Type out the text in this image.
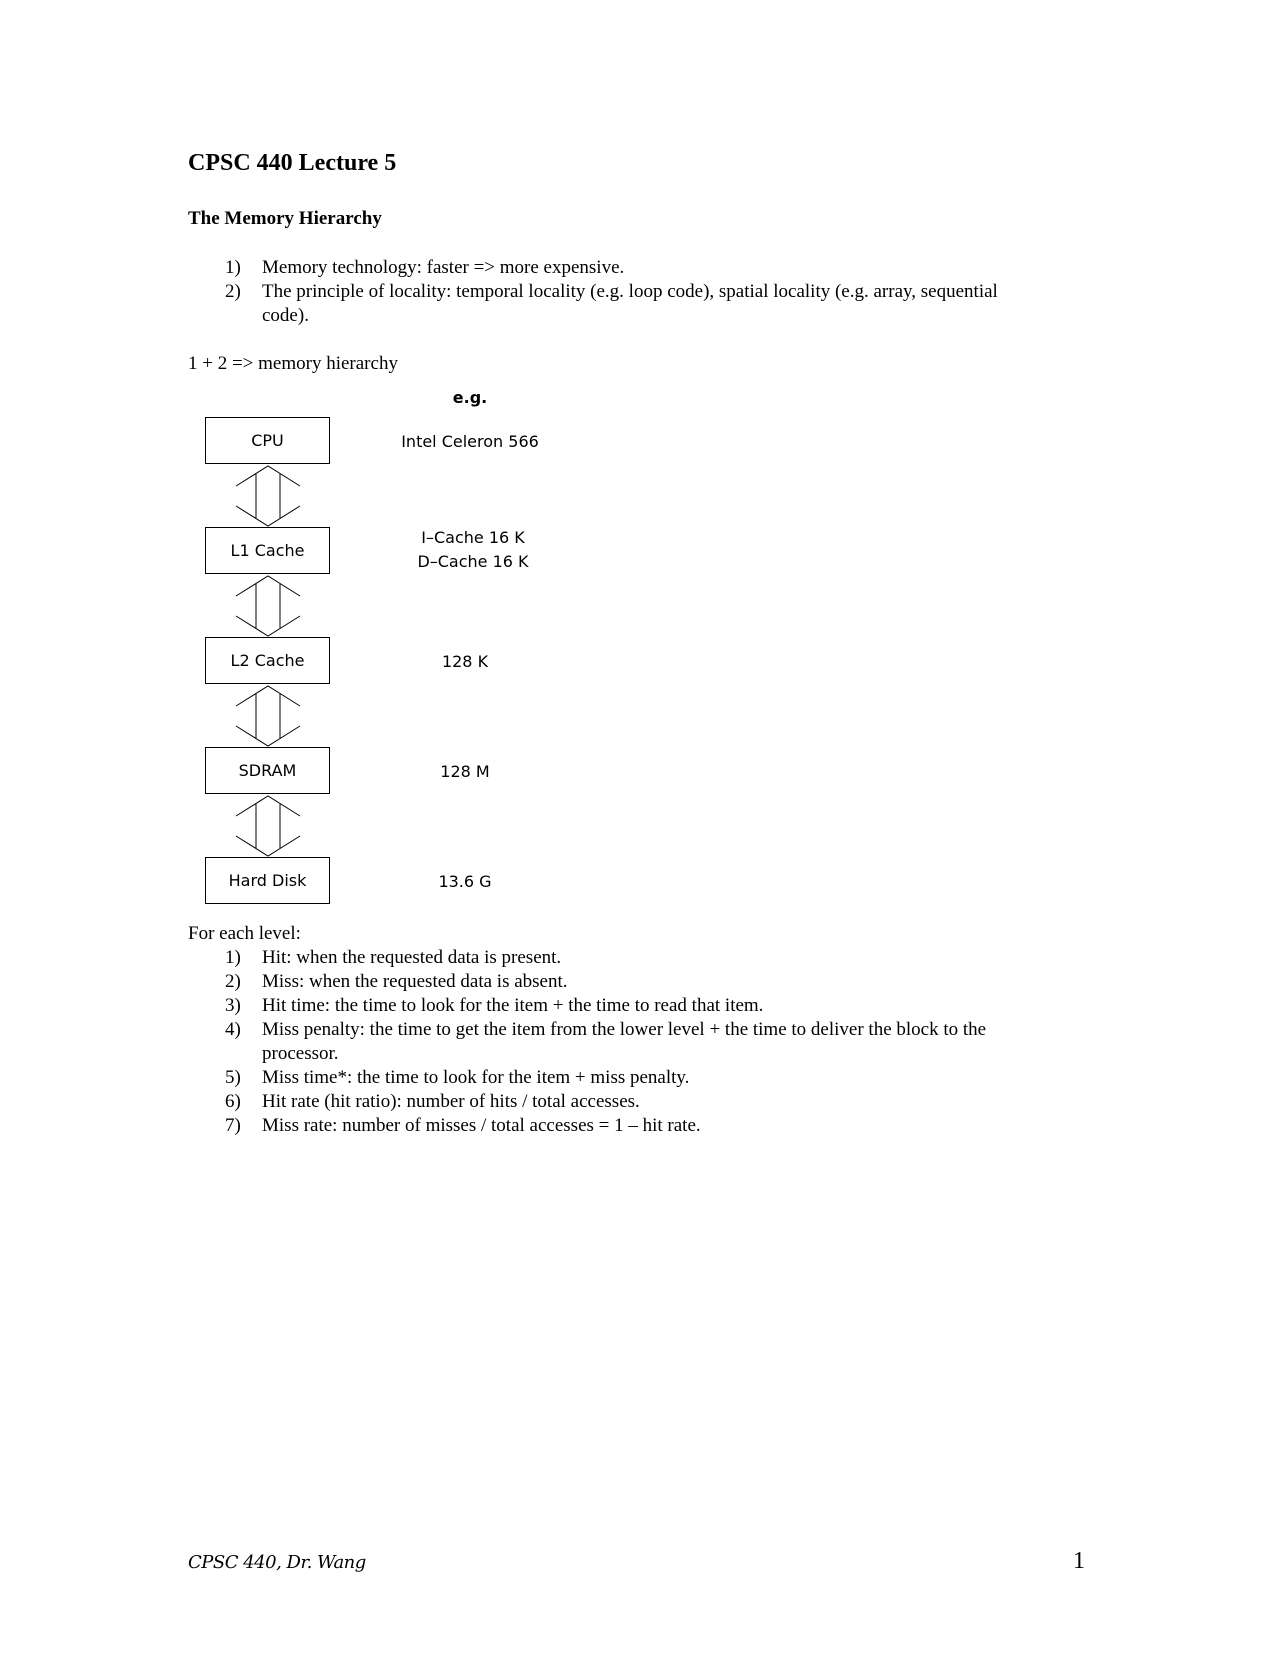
CPSC 440 Lecture 5
The Memory Hierarchy
1)	Memory technology: faster => more expensive.
2)	The principle of locality: temporal locality (e.g. loop code), spatial locality (e.g. array, sequential
code).

1 + 2 => memory hierarchy

e.g.
CPU	Intel Celeron 566
L1 Cache
I–Cache 16 K
D–Cache 16 K
L2 Cache	128 K
SDRAM	128 M
Hard Disk	13.6 G

For each level:

1)	Hit: when the requested data is present.
2)	Miss: when the requested data is absent.
3)	Hit time: the time to look for the item + the time to read that item.
4)	Miss penalty: the time to get the item from the lower level + the time to deliver the block to the
processor.
5)	Miss time*: the time to look for the item + miss penalty.
6)	Hit rate (hit ratio): number of hits / total accesses.
7)	Miss rate: number of misses / total accesses = 1 – hit rate.
CPSC 440, Dr. Wang	1
